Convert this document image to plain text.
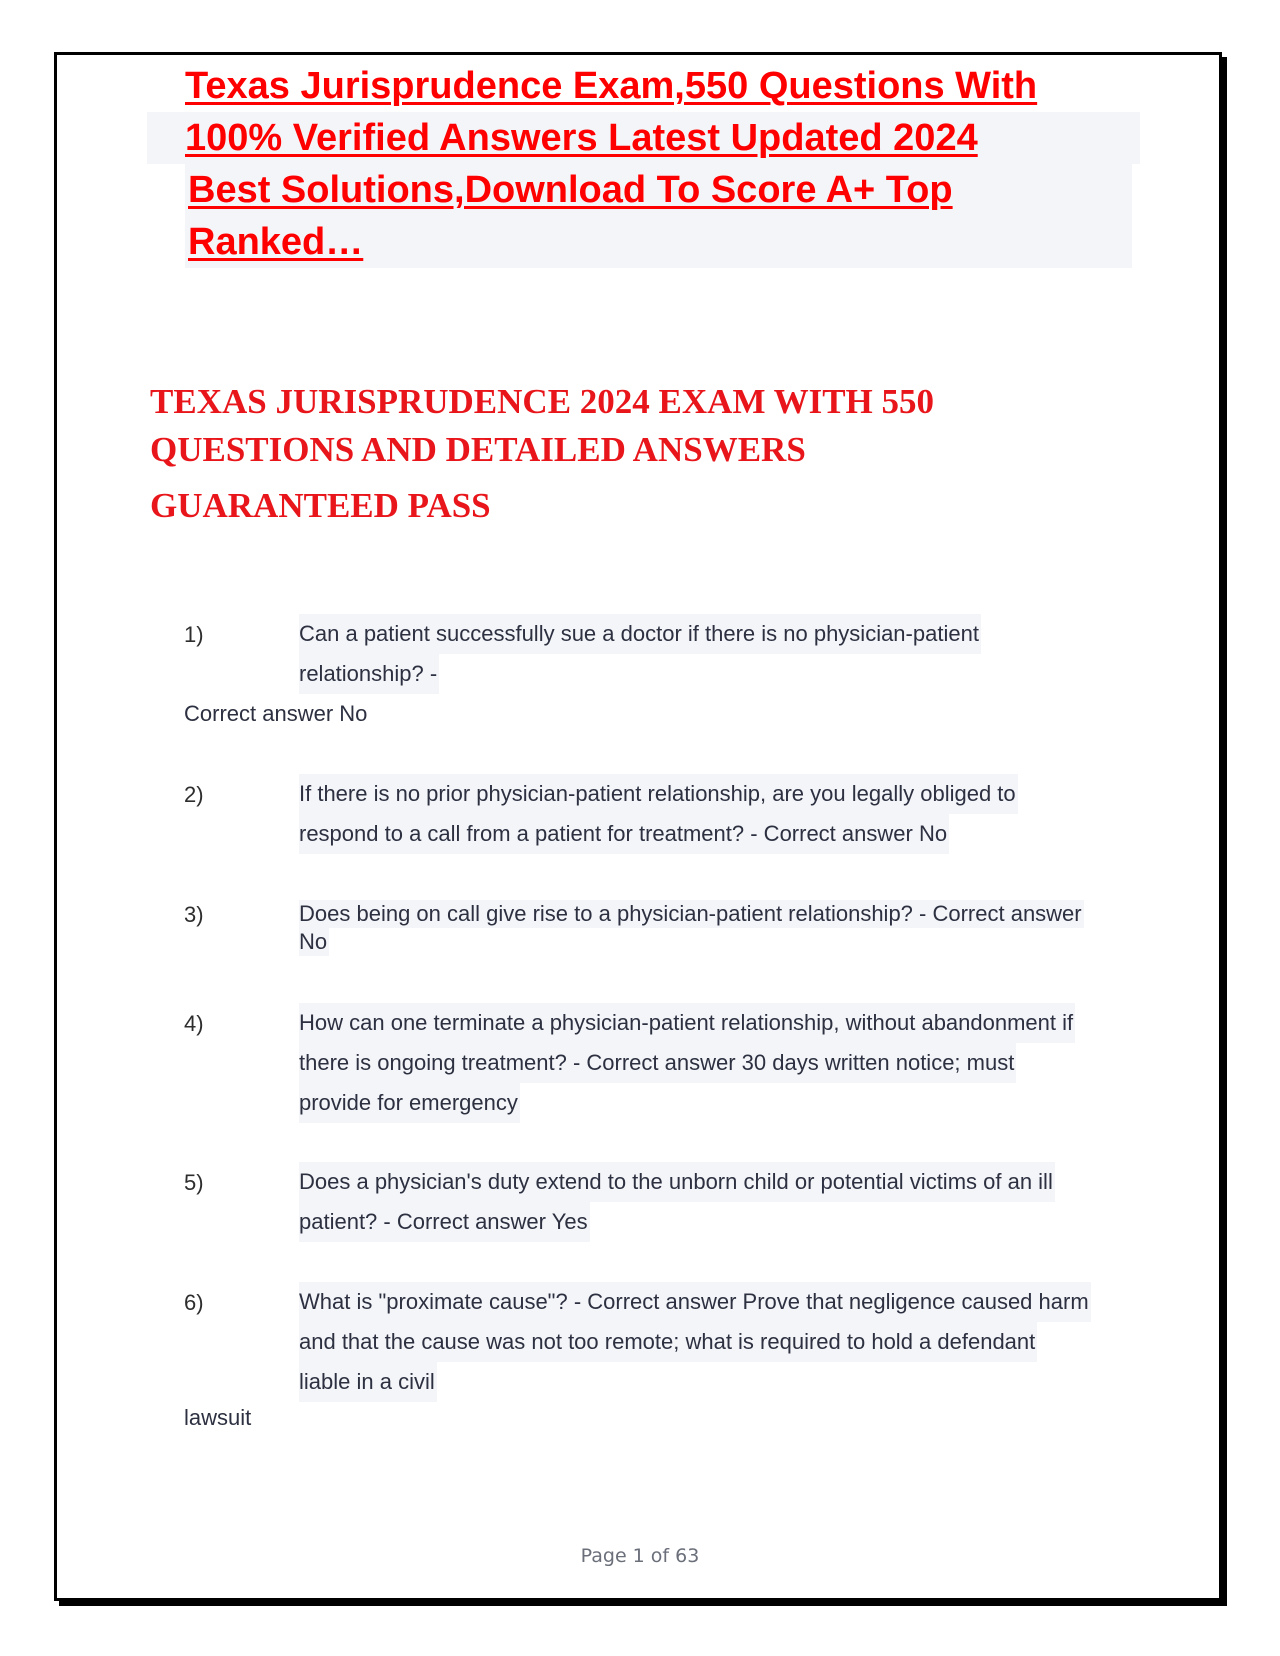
Texas Jurisprudence Exam,550 Questions With
100% Verified Answers Latest Updated 2024
Best Solutions,Download To Score A+ Top
Ranked…
TEXAS JURISPRUDENCE 2024 EXAM WITH 550
QUESTIONS AND DETAILED ANSWERS
GUARANTEED PASS

1)	Can a patient successfully sue a doctor if there is no physician-patient
relationship? -

Correct answer No

2)	If there is no prior physician-patient relationship, are you legally obliged to
respond to a call from a patient for treatment? - Correct answer No

3)	Does being on call give rise to a physician-patient relationship? - Correct answer
No

4)	How can one terminate a physician-patient relationship, without abandonment if
there is ongoing treatment? - Correct answer 30 days written notice; must
provide for emergency

5)	Does a physician's duty extend to the unborn child or potential victims of an ill
patient? - Correct answer Yes

6)	What is "proximate cause"? - Correct answer Prove that negligence caused harm
and that the cause was not too remote; what is required to hold a defendant
liable in a civil

lawsuit

Page 1 of 63
